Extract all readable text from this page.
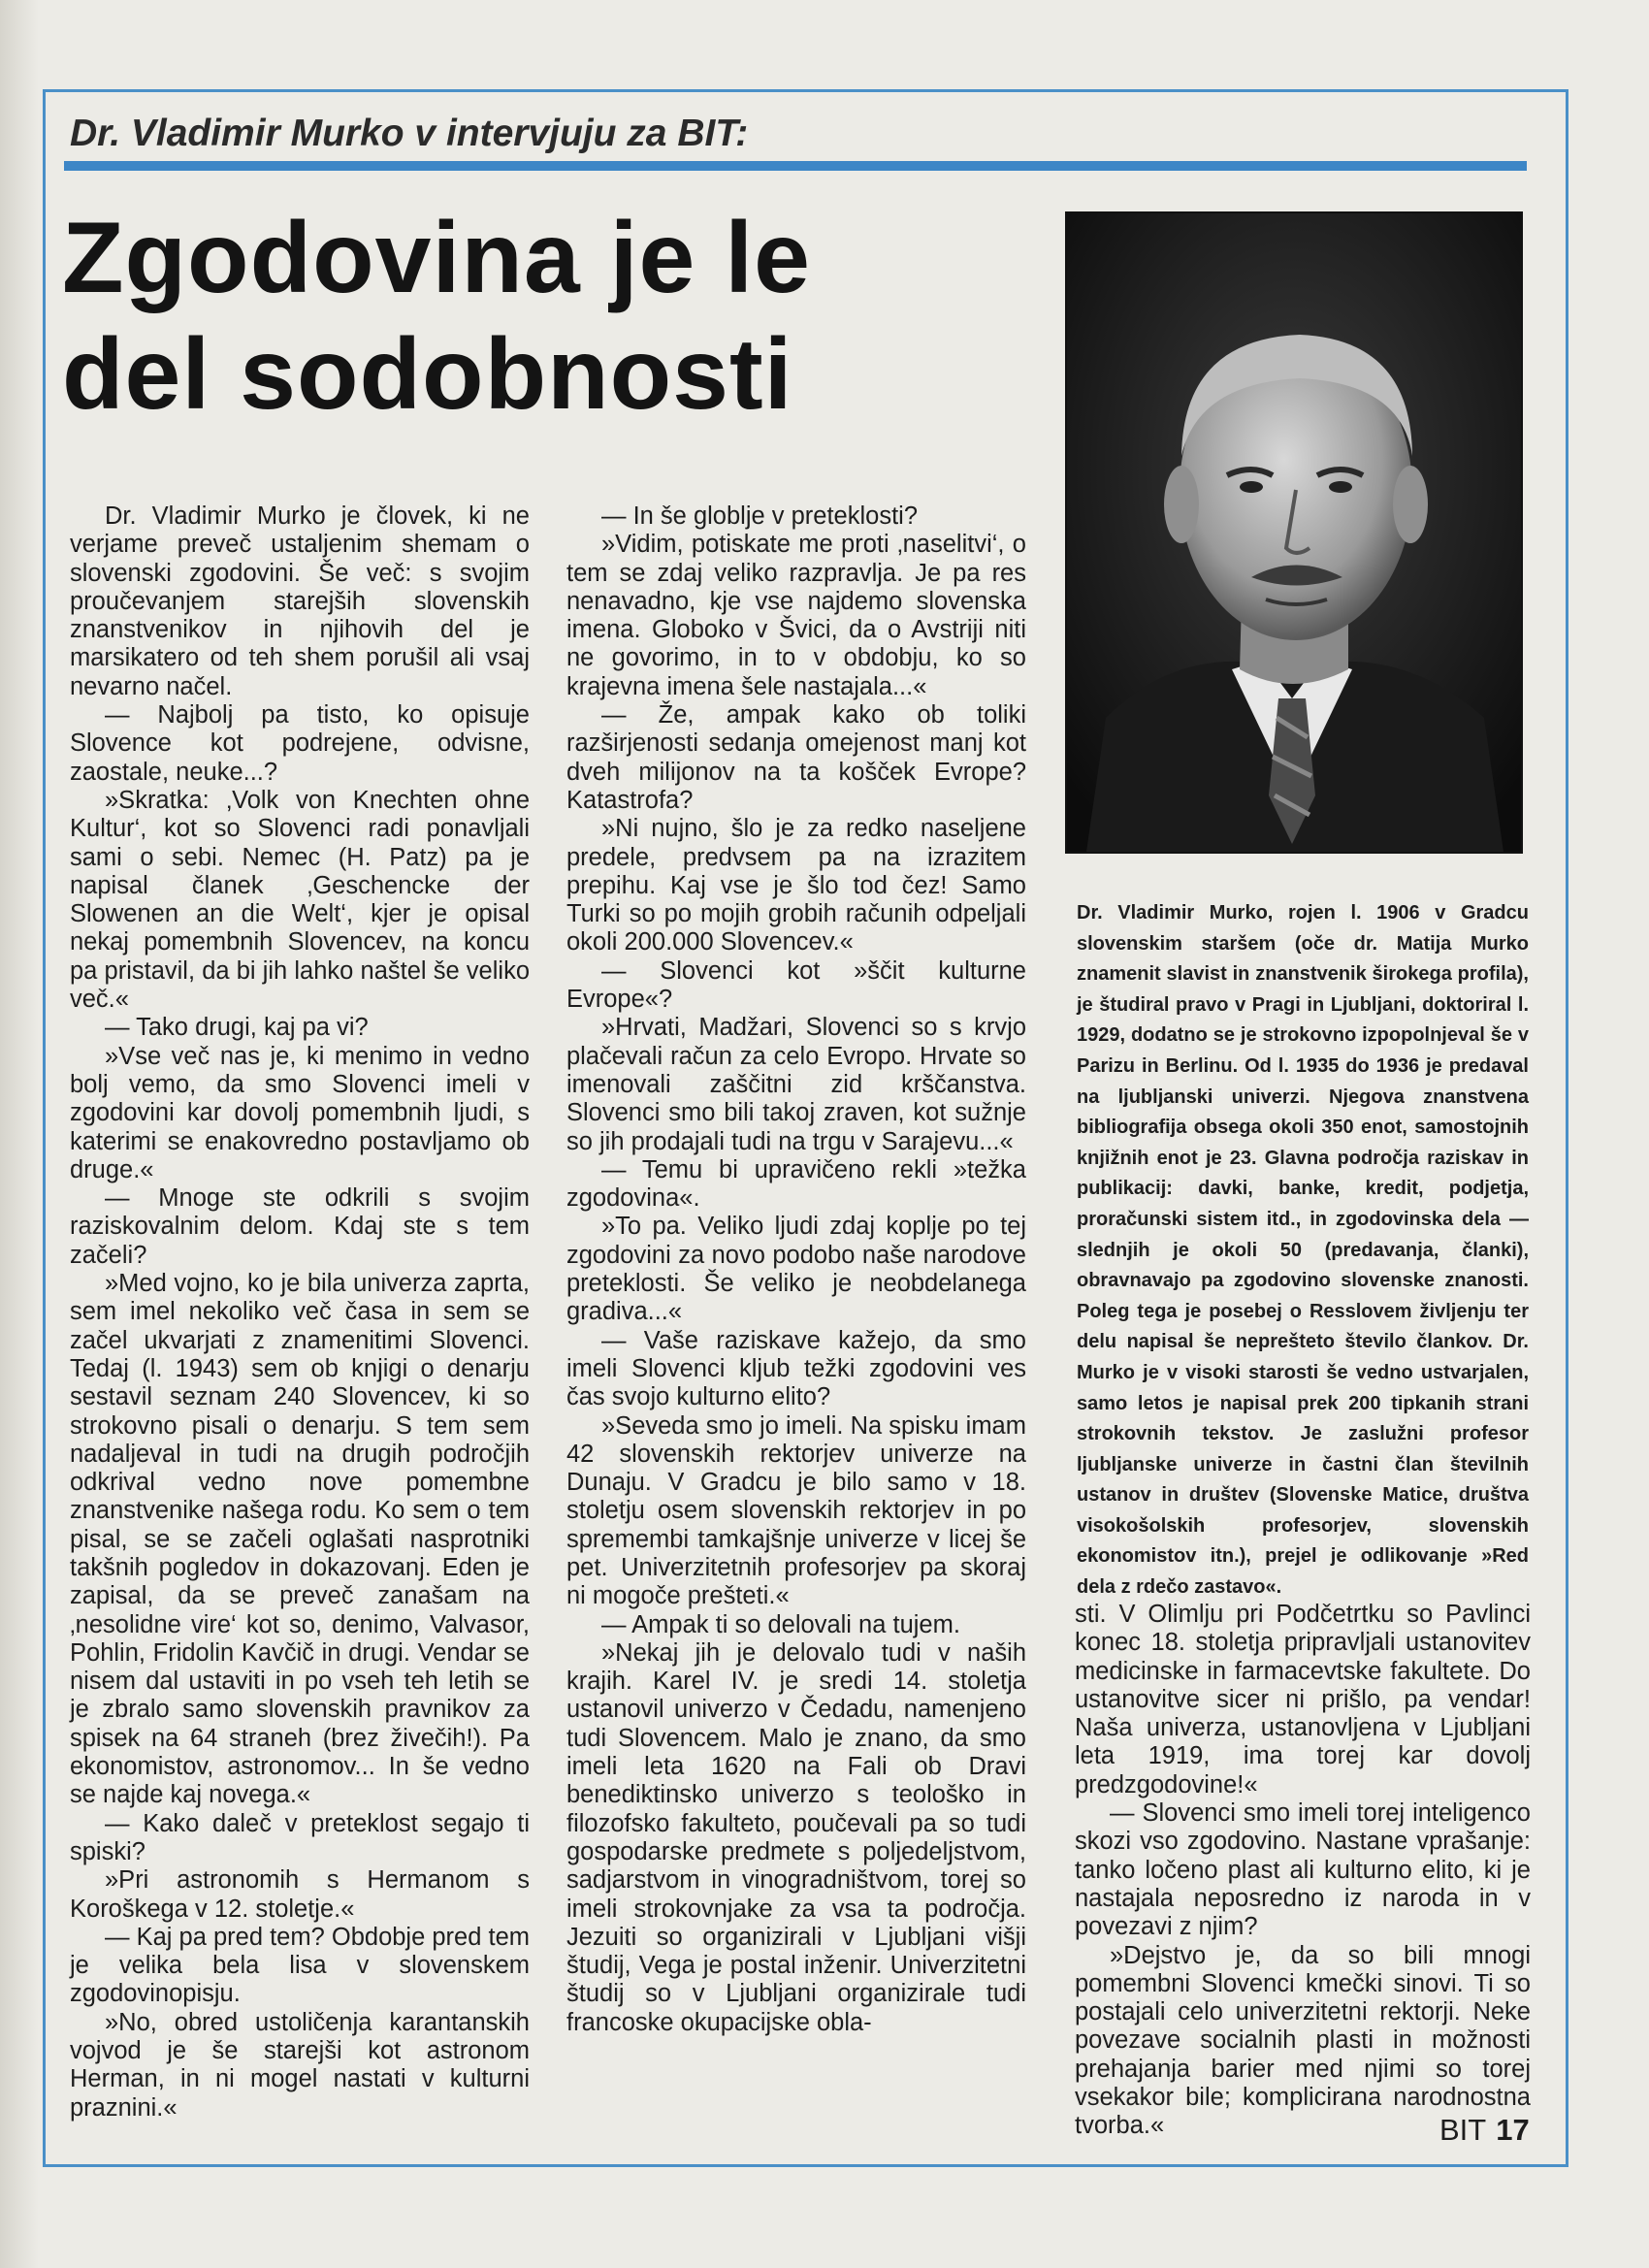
Dr. Vladimir Murko v intervjuju za BIT:
Zgodovina je le
del sodobnosti

Dr. Vladimir Murko, rojen l. 1906 v Gradcu slovenskim staršem (oče dr. Matija Murko znamenit slavist in znanstvenik širokega profila), je študiral pravo v Pragi in Ljubljani, doktoriral l. 1929, dodatno se je strokovno izpopolnjeval še v Parizu in Berlinu. Od l. 1935 do 1936 je predaval na ljubljanski univerzi. Njegova znanstvena bibliografija obsega okoli 350 enot, samostojnih knjižnih enot je 23. Glavna področja raziskav in publikacij: davki, banke, kredit, podjetja, proračunski sistem itd., in zgodovinska dela — slednjih je okoli 50 (predavanja, članki), obravnavajo pa zgodovino slovenske znanosti. Poleg tega je posebej o Resslovem življenju ter delu napisal še neprešteto število člankov. Dr. Murko je v visoki starosti še vedno ustvarjalen, samo letos je napisal prek 200 tipkanih strani strokovnih tekstov. Je zaslužni profesor ljubljanske univerze in častni član številnih ustanov in društev (Slovenske Matice, društva visokošolskih profesorjev, slovenskih ekonomistov itn.), prejel je odlikovanje »Red dela z rdečo zastavo«.

Dr. Vladimir Murko je človek, ki ne verjame preveč ustaljenim shemam o slovenski zgodovini. Še več: s svojim proučevanjem starejših slovenskih znanstvenikov in njihovih del je marsikatero od teh shem porušil ali vsaj nevarno načel.

— Najbolj pa tisto, ko opisuje Slovence kot podrejene, odvisne, zaostale, neuke...?

»Skratka: ‚Volk von Knechten ohne Kultur‘, kot so Slovenci radi ponavljali sami o sebi. Nemec (H. Patz) pa je napisal članek ‚Geschencke der Slowenen an die Welt‘, kjer je opisal nekaj pomembnih Slovencev, na koncu pa pristavil, da bi jih lahko naštel še veliko več.«

— Tako drugi, kaj pa vi?

»Vse več nas je, ki menimo in vedno bolj vemo, da smo Slovenci imeli v zgodovini kar dovolj pomembnih ljudi, s katerimi se enakovredno postavljamo ob druge.«

— Mnoge ste odkrili s svojim raziskovalnim delom. Kdaj ste s tem začeli?

»Med vojno, ko je bila univerza zaprta, sem imel nekoliko več časa in sem se začel ukvarjati z znamenitimi Slovenci. Tedaj (l. 1943) sem ob knjigi o denarju sestavil seznam 240 Slovencev, ki so strokovno pisali o denarju. S tem sem nadaljeval in tudi na drugih področjih odkrival vedno nove pomembne znanstvenike našega rodu. Ko sem o tem pisal, se se začeli oglašati nasprotniki takšnih pogledov in dokazovanj. Eden je zapisal, da se preveč zanašam na ‚nesolidne vire‘ kot so, denimo, Valvasor, Pohlin, Fridolin Kavčič in drugi. Vendar se nisem dal ustaviti in po vseh teh letih se je zbralo samo slovenskih pravnikov za spisek na 64 straneh (brez živečih!). Pa ekonomistov, astronomov... In še vedno se najde kaj novega.«

— Kako daleč v preteklost segajo ti spiski?

»Pri astronomih s Hermanom s Koroškega v 12. stoletje.«

— Kaj pa pred tem? Obdobje pred tem je velika bela lisa v slovenskem zgodovinopisju.

»No, obred ustoličenja karantanskih vojvod je še starejši kot astronom Herman, in ni mogel nastati v kulturni praznini.«

— In še globlje v preteklosti?

»Vidim, potiskate me proti ‚naselitvi‘, o tem se zdaj veliko razpravlja. Je pa res nenavadno, kje vse najdemo slovenska imena. Globoko v Švici, da o Avstriji niti ne govorimo, in to v obdobju, ko so krajevna imena šele nastajala...«

— Že, ampak kako ob toliki razširjenosti sedanja omejenost manj kot dveh milijonov na ta košček Evrope? Katastrofa?

»Ni nujno, šlo je za redko naseljene predele, predvsem pa na izrazitem prepihu. Kaj vse je šlo tod čez! Samo Turki so po mojih grobih računih odpeljali okoli 200.000 Slovencev.«

— Slovenci kot »ščit kulturne Evrope«?

»Hrvati, Madžari, Slovenci so s krvjo plačevali račun za celo Evropo. Hrvate so imenovali zaščitni zid krščanstva. Slovenci smo bili takoj zraven, kot sužnje so jih prodajali tudi na trgu v Sarajevu...«

— Temu bi upravičeno rekli »težka zgodovina«.

»To pa. Veliko ljudi zdaj koplje po tej zgodovini za novo podobo naše narodove preteklosti. Še veliko je neobdelanega gradiva...«

— Vaše raziskave kažejo, da smo imeli Slovenci kljub težki zgodovini ves čas svojo kulturno elito?

»Seveda smo jo imeli. Na spisku imam 42 slovenskih rektorjev univerze na Dunaju. V Gradcu je bilo samo v 18. stoletju osem slovenskih rektorjev in po spremembi tamkajšnje univerze v licej še pet. Univerzitetnih profesorjev pa skoraj ni mogoče prešteti.«

— Ampak ti so delovali na tujem.

»Nekaj jih je delovalo tudi v naših krajih. Karel IV. je sredi 14. stoletja ustanovil univerzo v Čedadu, namenjeno tudi Slovencem. Malo je znano, da smo imeli leta 1620 na Fali ob Dravi benediktinsko univerzo s teološko in filozofsko fakulteto, poučevali pa so tudi gospodarske predmete s poljedeljstvom, sadjarstvom in vinogradništvom, torej so imeli strokovnjake za vsa ta področja. Jezuiti so organizirali v Ljubljani višji študij, Vega je postal inženir. Univerzitetni študij so v Ljubljani organizirale tudi francoske okupacijske obla-

sti. V Olimlju pri Podčetrtku so Pavlinci konec 18. stoletja pripravljali ustanovitev medicinske in farmacevtske fakultete. Do ustanovitve sicer ni prišlo, pa vendar! Naša univerza, ustanovljena v Ljubljani leta 1919, ima torej kar dovolj predzgodovine!«

— Slovenci smo imeli torej inteligenco skozi vso zgodovino. Nastane vprašanje: tanko ločeno plast ali kulturno elito, ki je nastajala neposredno iz naroda in v povezavi z njim?

»Dejstvo je, da so bili mnogi pomembni Slovenci kmečki sinovi. Ti so postajali celo univerzitetni rektorji. Neke povezave socialnih plasti in možnosti prehajanja barier med njimi so torej vsekakor bile; komplicirana narodnostna tvorba.«	BIT 17
